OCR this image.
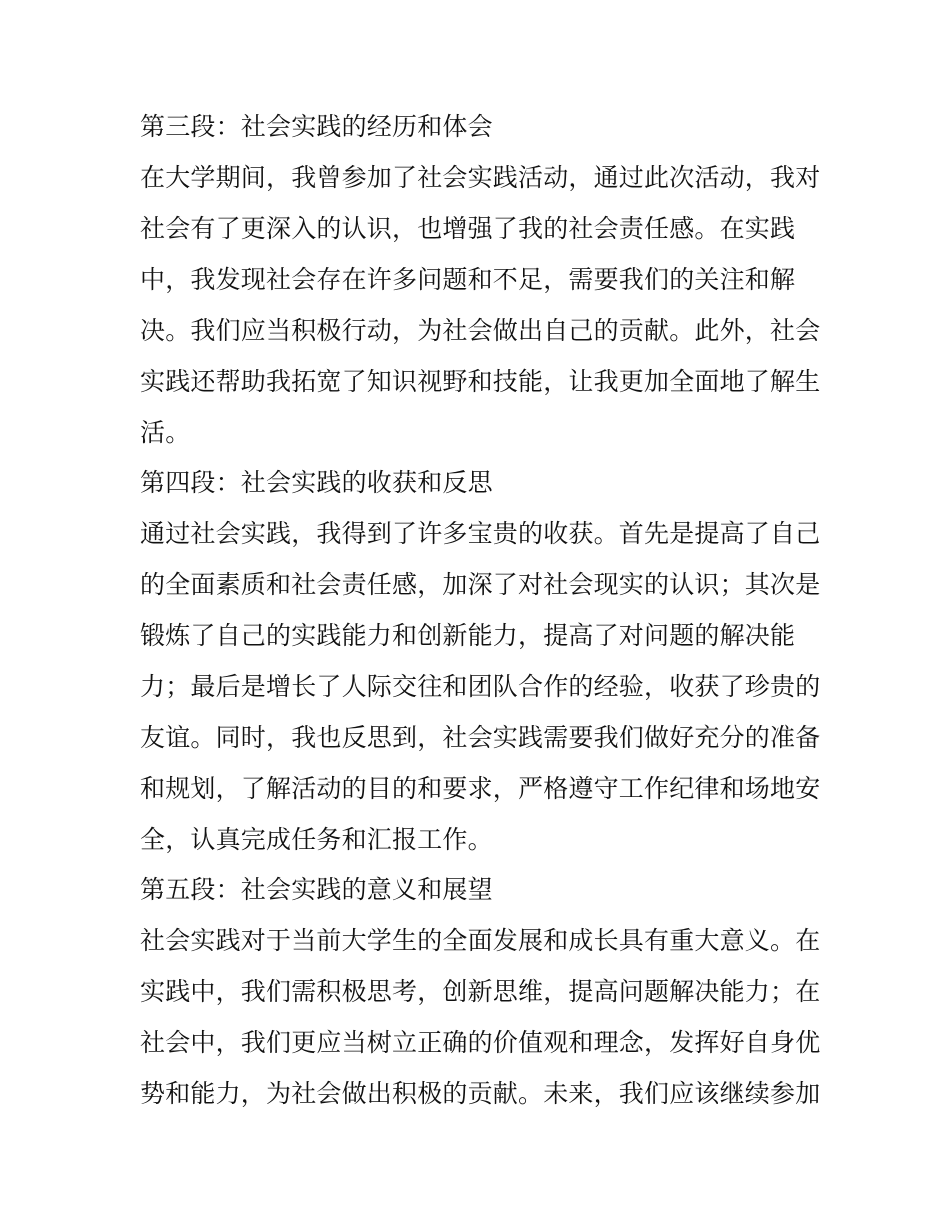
第三段：社会实践的经历和体会
在大学期间，我曾参加了社会实践活动，通过此次活动，我对
社会有了更深入的认识，也增强了我的社会责任感。在实践
中，我发现社会存在许多问题和不足，需要我们的关注和解
决。我们应当积极行动，为社会做出自己的贡献。此外，社会
实践还帮助我拓宽了知识视野和技能，让我更加全面地了解生
活。
第四段：社会实践的收获和反思
通过社会实践，我得到了许多宝贵的收获。首先是提高了自己
的全面素质和社会责任感，加深了对社会现实的认识；其次是
锻炼了自己的实践能力和创新能力，提高了对问题的解决能
力；最后是增长了人际交往和团队合作的经验，收获了珍贵的
友谊。同时，我也反思到，社会实践需要我们做好充分的准备
和规划，了解活动的目的和要求，严格遵守工作纪律和场地安
全，认真完成任务和汇报工作。
第五段：社会实践的意义和展望
社会实践对于当前大学生的全面发展和成长具有重大意义。在
实践中，我们需积极思考，创新思维，提高问题解决能力；在
社会中，我们更应当树立正确的价值观和理念，发挥好自身优
势和能力，为社会做出积极的贡献。未来，我们应该继续参加
